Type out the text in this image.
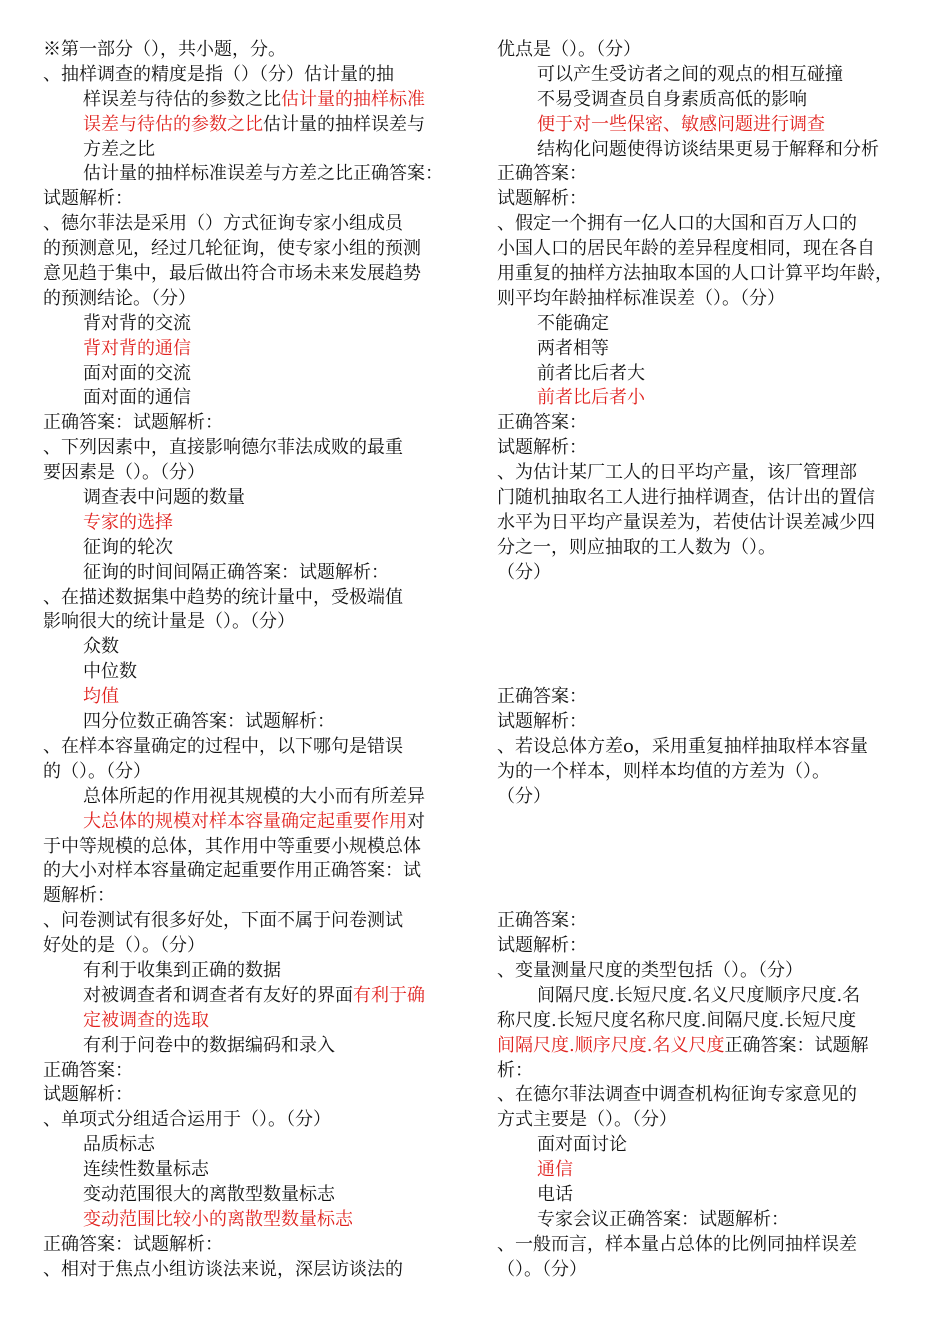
※第一部分（），共小题，分。
、抽样调查的精度是指（）（分）估计量的抽
样误差与待估的参数之比估计量的抽样标准
误差与待估的参数之比估计量的抽样误差与
方差之比
估计量的抽样标准误差与方差之比正确答案：
试题解析：
、德尔菲法是采用（）方式征询专家小组成员
的预测意见，经过几轮征询，使专家小组的预测
意见趋于集中，最后做出符合市场未来发展趋势
的预测结论。（分）
背对背的交流
背对背的通信
面对面的交流
面对面的通信
正确答案：试题解析：
、下列因素中，直接影响德尔菲法成败的最重
要因素是（）。（分）
调查表中问题的数量
专家的选择
征询的轮次
征询的时间间隔正确答案：试题解析：
、在描述数据集中趋势的统计量中，受极端值
影响很大的统计量是（）。（分）
众数
中位数
均值
四分位数正确答案：试题解析：
、在样本容量确定的过程中，以下哪句是错误
的（）。（分）
总体所起的作用视其规模的大小而有所差异
大总体的规模对样本容量确定起重要作用对
于中等规模的总体，其作用中等重要小规模总体
的大小对样本容量确定起重要作用正确答案：试
题解析：
、问卷测试有很多好处，下面不属于问卷测试
好处的是（）。（分）
有利于收集到正确的数据
对被调查者和调查者有友好的界面有利于确
定被调查的选取
有利于问卷中的数据编码和录入
正确答案：
试题解析：
、单项式分组适合运用于（）。（分）
品质标志
连续性数量标志
变动范围很大的离散型数量标志
变动范围比较小的离散型数量标志
正确答案：试题解析：
、相对于焦点小组访谈法来说，深层访谈法的
优点是（）。（分）
可以产生受访者之间的观点的相互碰撞
不易受调查员自身素质高低的影响
便于对一些保密、敏感问题进行调查
结构化问题使得访谈结果更易于解释和分析
正确答案：
试题解析：
、假定一个拥有一亿人口的大国和百万人口的
小国人口的居民年龄的差异程度相同，现在各自
用重复的抽样方法抽取本国的人口计算平均年龄，
则平均年龄抽样标准误差（）。（分）
不能确定
两者相等
前者比后者大
前者比后者小
正确答案：
试题解析：
、为估计某厂工人的日平均产量，该厂管理部
门随机抽取名工人进行抽样调查，估计出的置信
水平为日平均产量误差为，若使估计误差减少四
分之一，则应抽取的工人数为（）。
（分）
正确答案：
试题解析：
、若设总体方差o，采用重复抽样抽取样本容量
为的一个样本，则样本均值的方差为（）。
（分）
正确答案：
试题解析：
、变量测量尺度的类型包括（）。（分）
间隔尺度.长短尺度.名义尺度顺序尺度.名
称尺度.长短尺度名称尺度.间隔尺度.长短尺度
间隔尺度.顺序尺度.名义尺度正确答案：试题解
析：
、在德尔菲法调查中调查机构征询专家意见的
方式主要是（）。（分）
面对面讨论
通信
电话
专家会议正确答案：试题解析：
、一般而言，样本量占总体的比例同抽样误差
（）。（分）
